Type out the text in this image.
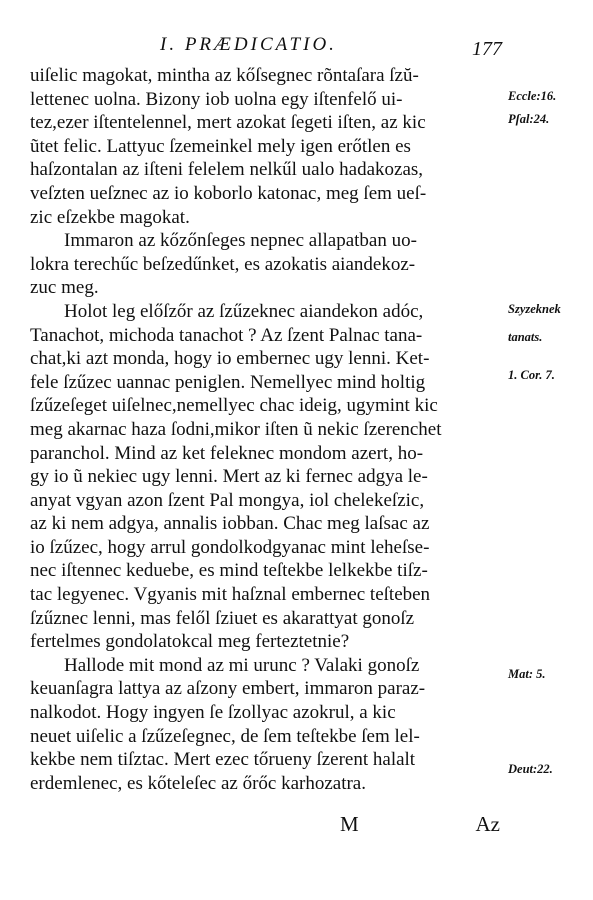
I. PRÆDICATIO.	177
uiſelic magokat, mintha az kőſsegnec rõntaſara ſzŭ-
lettenec uolna. Bizony iob uolna egy iſtenfelő ui-
tez,ezer iſtentelennel, mert azokat ſegeti iſten, az kic
ũtet felic. Lattyuc ſzemeinkel mely igen erőtlen es
haſzontalan az iſteni felelem nelkűl ualo hadakozas,
veſzten ueſznec az io koborlo katonac, meg ſem ueſ-
zic eſzekbe magokat.
Immaron az kőzőnſeges nepnec allapatban uo-
lokra terechűc beſzedűnket, es azokatis aiandekoz-
zuc meg.
Holot leg előſzőr az ſzűzeknec aiandekon adóc,
Tanachot, michoda tanachot ? Az ſzent Palnac tana-
chat,ki azt monda, hogy io embernec ugy lenni. Ket-
fele ſzűzec uannac peniglen. Nemellyec mind holtig
ſzűzeſeget uiſelnec,nemellyec chac ideig, ugymint kic
meg akarnac haza ſodni,mikor iſten ũ nekic ſzerenchet
paranchol. Mind az ket feleknec mondom azert, ho-
gy io ũ nekiec ugy lenni. Mert az ki fernec adgya le-
anyat vgyan azon ſzent Pal mongya, iol chelekeſzic,
az ki nem adgya, annalis iobban. Chac meg laſsac az
io ſzűzec, hogy arrul gondolkodgyanac mint leheſse-
nec iſtennec keduebe, es mind teſtekbe lelkekbe tiſz-
tac legyenec. Vgyanis mit haſznal embernec teſteben
ſzűznec lenni, mas felől ſziuet es akarattyat gonoſz
fertelmes gondolatokcal meg ferteztetnie?
Hallode mit mond az mi urunc ? Valaki gonoſz
keuanſagra lattya az aſzony embert, immaron paraz-
nalkodot. Hogy ingyen ſe ſzollyac azokrul, a kic
neuet uiſelic a ſzűzeſegnec, de ſem teſtekbe ſem lel-
kekbe nem tiſztac. Mert ezec tőrueny ſzerent halalt
erdemlenec, es kőteleſec az őrőc karhozatra.
Eccle:16.
Pſal:24.
Szyzeknek
tanats.
1. Cor. 7.
Mat: 5.
Deut:22.
M	Az
